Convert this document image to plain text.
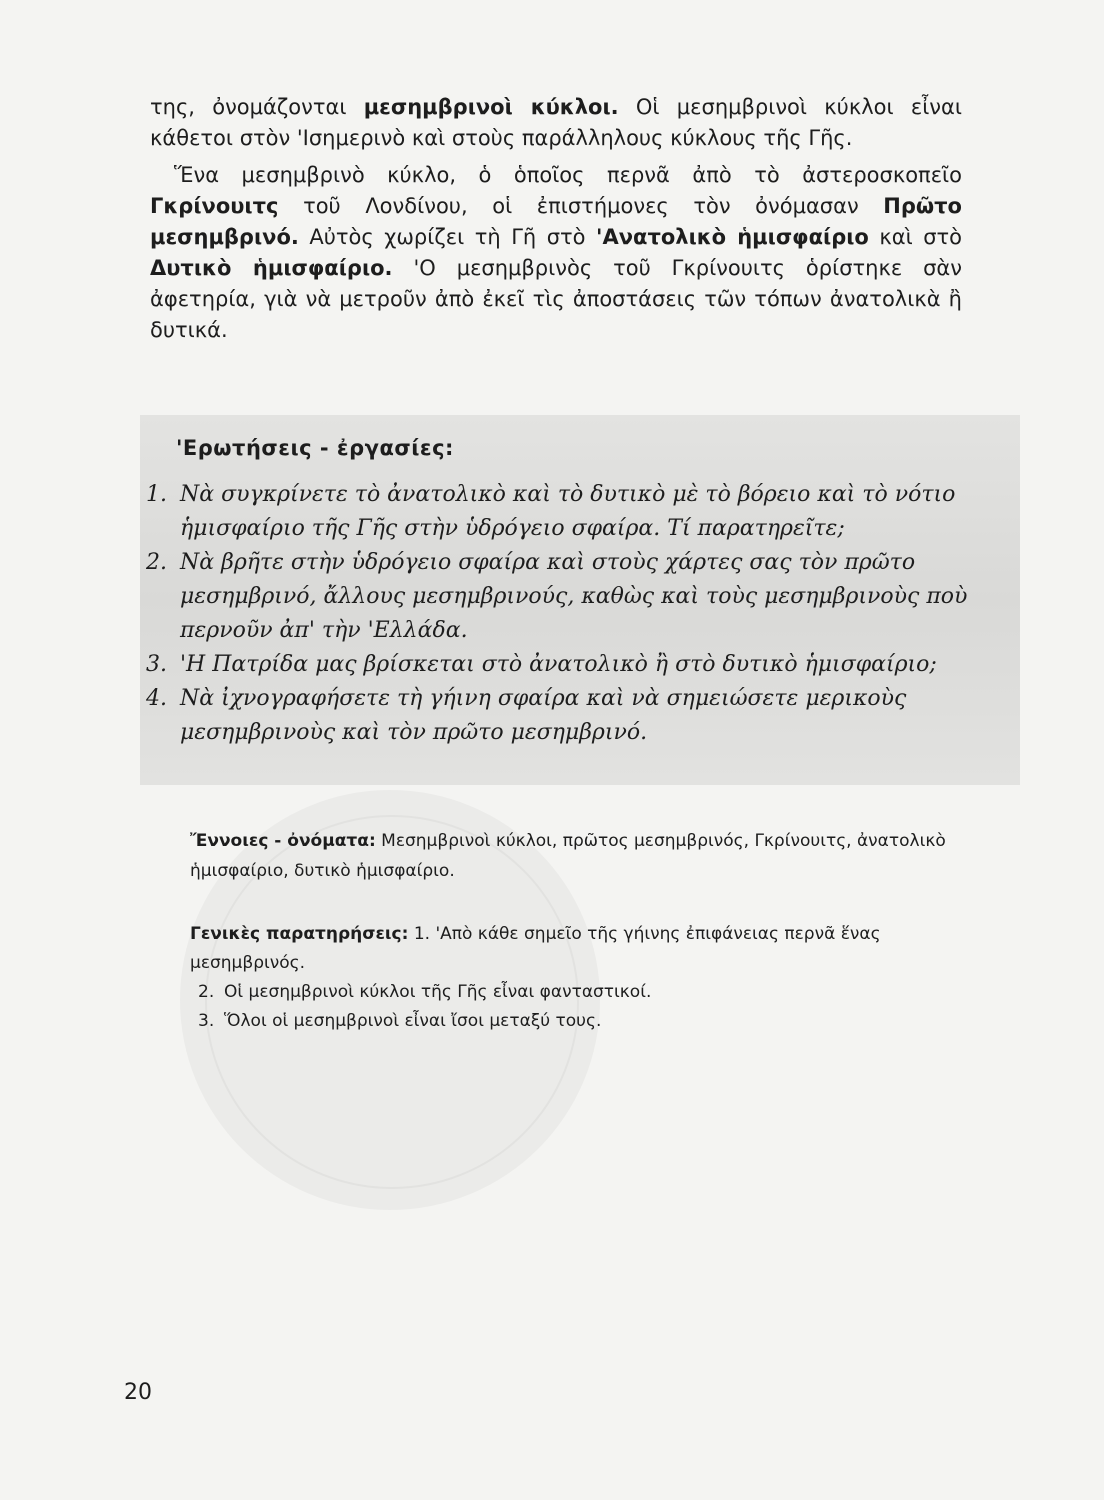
της, ὀνομάζονται μεσημβρινοὶ κύκλοι. Οἱ μεσημβρινοὶ κύκλοι εἶναι κάθετοι στὸν 'Ισημερινὸ καὶ στοὺς παράλληλους κύκλους τῆς Γῆς.

Ἕνα μεσημβρινὸ κύκλο, ὁ ὁποῖος περνᾶ ἀπὸ τὸ ἀστεροσκοπεῖο Γκρίνουιτς τοῦ Λονδίνου, οἱ ἐπιστήμονες τὸν ὀνόμασαν Πρῶτο μεσημβρινό. Αὐτὸς χωρίζει τὴ Γῆ στὸ 'Ανατολικὸ ἡμισφαίριο καὶ στὸ Δυτικὸ ἡμισφαίριο. 'Ο μεσημβρινὸς τοῦ Γκρίνουιτς ὁρίστηκε σὰν ἀφετηρία, γιὰ νὰ μετροῦν ἀπὸ ἐκεῖ τὶς ἀποστάσεις τῶν τόπων ἀνατολικὰ ἢ δυτικά.

'Ερωτήσεις - ἐργασίες:
1. Νὰ συγκρίνετε τὸ ἀνατολικὸ καὶ τὸ δυτικὸ μὲ τὸ βόρειο καὶ τὸ νότιο ἡμισφαίριο τῆς Γῆς στὴν ὑδρόγειο σφαίρα. Τί παρατηρεῖτε;
2. Νὰ βρῆτε στὴν ὑδρόγειο σφαίρα καὶ στοὺς χάρτες σας τὸν πρῶτο μεσημβρινό, ἄλλους μεσημβρινούς, καθὼς καὶ τοὺς μεσημβρινοὺς ποὺ περνοῦν ἀπ' τὴν 'Ελλάδα.
3. 'Η Πατρίδα μας βρίσκεται στὸ ἀνατολικὸ ἢ στὸ δυτικὸ ἡμισφαίριο;
4. Νὰ ἰχνογραφήσετε τὴ γήινη σφαίρα καὶ νὰ σημειώσετε μερικοὺς μεσημβρινοὺς καὶ τὸν πρῶτο μεσημβρινό.
Ἔννοιες - ὀνόματα: Μεσημβρινοὶ κύκλοι, πρῶτος μεσημβρινός, Γκρίνουιτς, ἀνατολικὸ ἡμισφαίριο, δυτικὸ ἡμισφαίριο.

Γενικὲς παρατηρήσεις: 1. 'Απὸ κάθε σημεῖο τῆς γήινης ἐπιφάνειας περνᾶ ἕνας μεσημβρινός.

2. Οἱ μεσημβρινοὶ κύκλοι τῆς Γῆς εἶναι φανταστικοί.

3. Ὅλοι οἱ μεσημβρινοὶ εἶναι ἴσοι μεταξύ τους.

20
